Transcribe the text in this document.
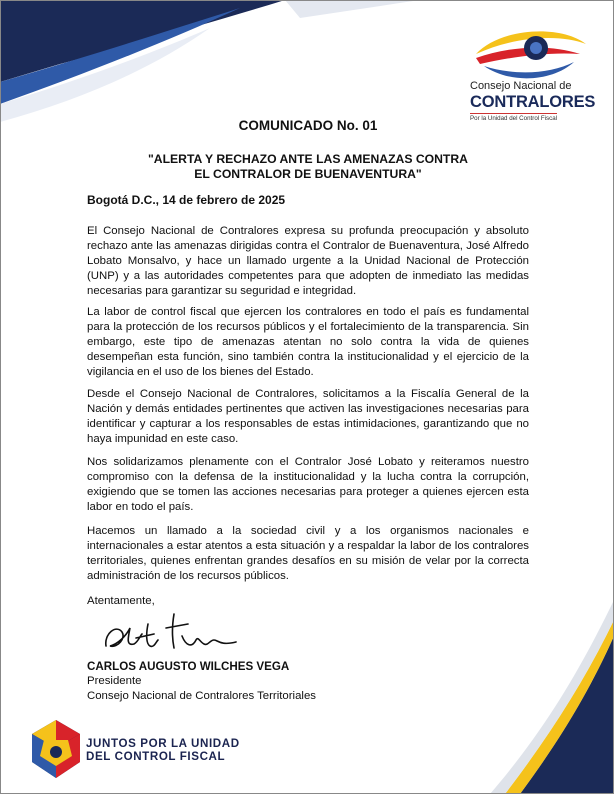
Consejo Nacional de
CONTRALORES
Por la Unidad del Control Fiscal
COMUNICADO No. 01
"ALERTA Y RECHAZO ANTE LAS AMENAZAS CONTRA
EL CONTRALOR DE BUENAVENTURA"
Bogotá D.C., 14 de febrero de 2025

El Consejo Nacional de Contralores expresa su profunda preocupación y absoluto rechazo ante las amenazas dirigidas contra el Contralor de Buenaventura, José Alfredo Lobato Monsalvo, y hace un llamado urgente a la Unidad Nacional de Protección (UNP) y a las autoridades competentes para que adopten de inmediato las medidas necesarias para garantizar su seguridad e integridad.

La labor de control fiscal que ejercen los contralores en todo el país es fundamental para la protección de los recursos públicos y el fortalecimiento de la transparencia. Sin embargo, este tipo de amenazas atentan no solo contra la vida de quienes desempeñan esta función, sino también contra la institucionalidad y el ejercicio de la vigilancia en el uso de los bienes del Estado.

Desde el Consejo Nacional de Contralores, solicitamos a la Fiscalía General de la Nación y demás entidades pertinentes que activen las investigaciones necesarias para identificar y capturar a los responsables de estas intimidaciones, garantizando que no haya impunidad en este caso.

Nos solidarizamos plenamente con el Contralor José Lobato y reiteramos nuestro compromiso con la defensa de la institucionalidad y la lucha contra la corrupción, exigiendo que se tomen las acciones necesarias para proteger a quienes ejercen esta labor en todo el país.

Hacemos un llamado a la sociedad civil y a los organismos nacionales e internacionales a estar atentos a esta situación y a respaldar la labor de los contralores territoriales, quienes enfrentan grandes desafíos en su misión de velar por la correcta administración de los recursos públicos.

Atentamente,
CARLOS AUGUSTO WILCHES VEGA
Presidente
Consejo Nacional de Contralores Territoriales
JUNTOS POR LA UNIDAD
DEL CONTROL FISCAL
